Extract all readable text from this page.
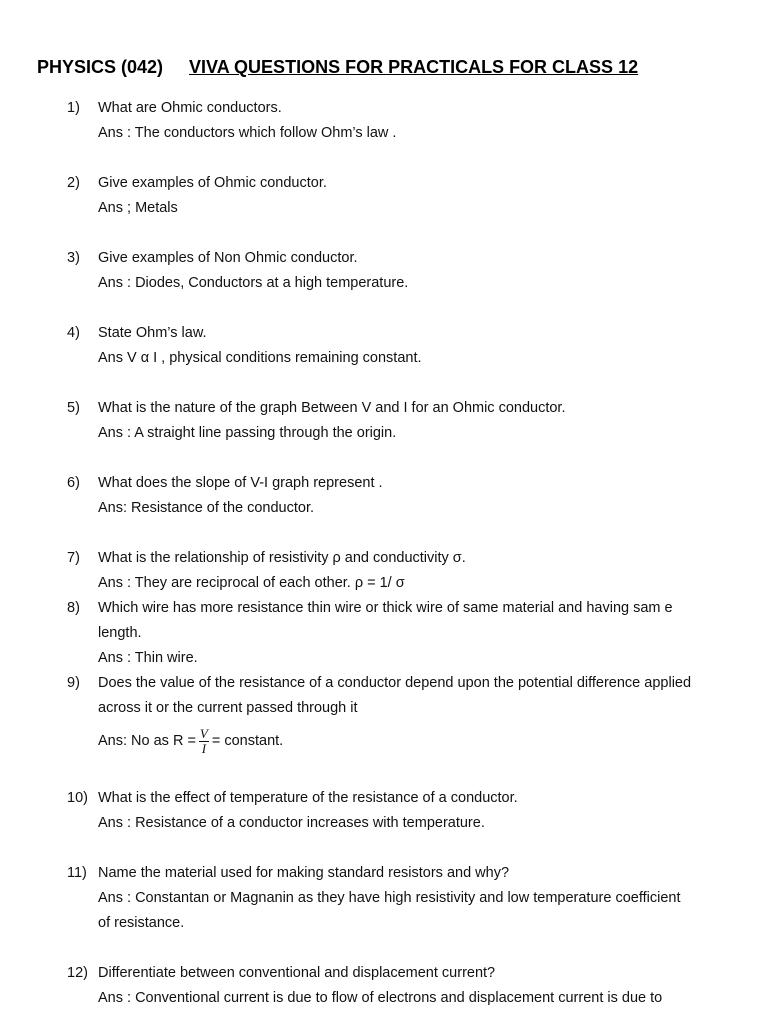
PHYSICS (042) VIVA QUESTIONS FOR PRACTICALS FOR CLASS 12
1)	What are Ohmic conductors.
Ans : The conductors which follow Ohm’s law .
2)	Give examples of Ohmic conductor.
Ans ; Metals
3)	Give examples of Non Ohmic conductor.
Ans : Diodes, Conductors at a high temperature.
4)	State Ohm’s law.
Ans V α I , physical conditions remaining constant.
5)	What is the nature of the graph Between V and I for an Ohmic conductor.
Ans : A straight line passing through the origin.
6)	What does the slope of V-I graph represent .
Ans: Resistance of the conductor.
7)	What is the relationship of resistivity ρ and conductivity σ.
Ans : They are reciprocal of each other. ρ = 1/ σ
8)	Which wire has more resistance thin wire or thick wire of same material and having sam e
length.
Ans : Thin wire.
9)	Does the value of the resistance of a conductor depend upon the potential difference applied
across it or the current passed through it
Ans: No as $R = \frac{V}{I}$ = constant.
10) What is the effect of temperature of the resistance of a conductor.
Ans : Resistance of a conductor increases with temperature.
11) Name the material used for making standard resistors and why?
Ans : Constantan or Magnanin as they have high resistivity and low temperature coefficient
of resistance.
12) Differentiate between conventional and displacement current?
Ans : Conventional current is due to flow of electrons and displacement current is due to
